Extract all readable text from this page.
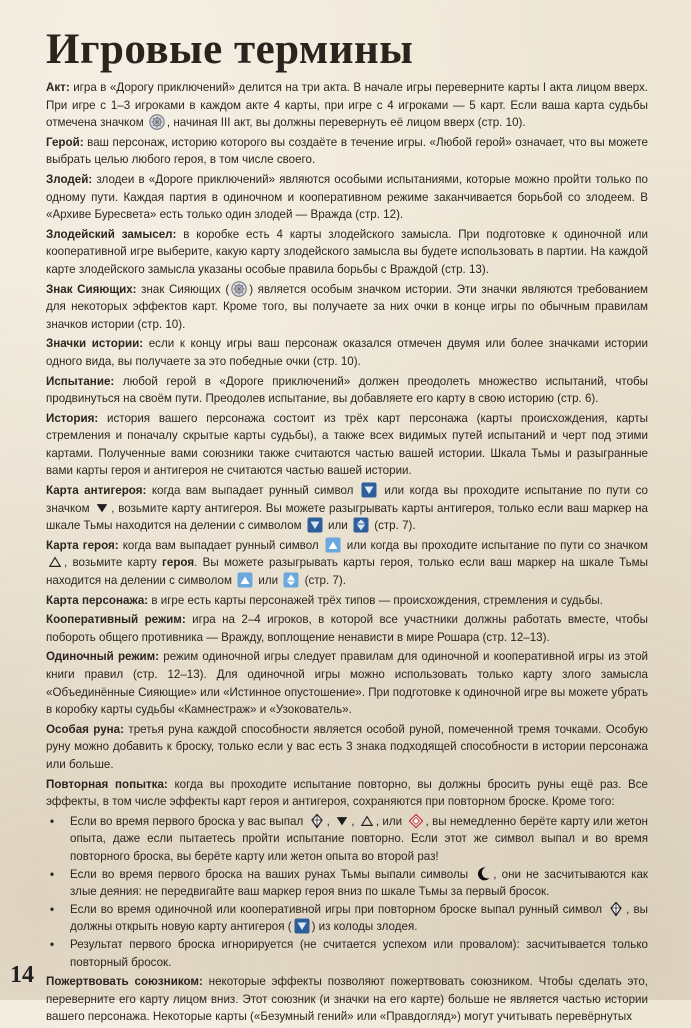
Игровые термины

Акт: игра в «Дорогу приключений» делится на три акта. В начале игры переверните карты I акта лицом вверх. При игре с 1–3 игроками в каждом акте 4 карты, при игре с 4 игроками — 5 карт. Если ваша карта судьбы отмечена значком , начиная III акт, вы должны перевернуть её лицом вверх (стр. 10).

Герой: ваш персонаж, историю которого вы создаёте в течение игры. «Любой герой» означает, что вы можете выбрать целью любого героя, в том числе своего.

Злодей: злодеи в «Дороге приключений» являются особыми испытаниями, которые можно пройти только по одному пути. Каждая партия в одиночном и кооперативном режиме заканчивается борьбой со злодеем. В «Архиве Буресвета» есть только один злодей — Вражда (стр. 12).

Злодейский замысел: в коробке есть 4 карты злодейского замысла. При подготовке к одиночной или кооперативной игре выберите, какую карту злодейского замысла вы будете использовать в партии. На каждой карте злодейского замысла указаны особые правила борьбы с Враждой (стр. 13).

Знак Сияющих: знак Сияющих ( ) является особым значком истории. Эти значки являются требованием для некоторых эффектов карт. Кроме того, вы получаете за них очки в конце игры по обычным правилам значков истории (стр. 10).

Значки истории: если к концу игры ваш персонаж оказался отмечен двумя или более значками истории одного вида, вы получаете за это победные очки (стр. 10).

Испытание: любой герой в «Дороге приключений» должен преодолеть множество испытаний, чтобы продвинуться на своём пути. Преодолев испытание, вы добавляете его карту в свою историю (стр. 6).

История: история вашего персонажа состоит из трёх карт персонажа (карты происхождения, карты стремления и поначалу скрытые карты судьбы), а также всех видимых путей испытаний и черт под этими картами. Полученные вами союзники также считаются частью вашей истории. Шкала Тьмы и разыгранные вами карты героя и антигероя не считаются частью вашей истории.

Карта антигероя: когда вам выпадает рунный символ	или когда вы проходите испытание по пути со значком , возьмите карту антигероя. Вы можете разыгрывать карты антигероя, только если ваш маркер на шкале Тьмы находится на делении с символом или (стр. 7).

Карта героя: когда вам выпадает рунный символ или когда вы проходите испытание по пути со значком
, возьмите карту героя. Вы можете разыгрывать карты героя, только если ваш маркер на шкале Тьмы находится на делении с символом или (стр. 7).

Карта персонажа: в игре есть карты персонажей трёх типов — происхождения, стремления и судьбы.

Кооперативный режим: игра на 2–4 игроков, в которой все участники должны работать вместе, чтобы побороть общего противника — Вражду, воплощение ненависти в мире Рошара (стр. 12–13).

Одиночный режим: режим одиночной игры следует правилам для одиночной и кооперативной игры из этой книги правил (стр. 12–13). Для одиночной игры можно использовать только карту злого замысла «Объединённые Сияющие» или «Истинное опустошение». При подготовке к одиночной игре вы можете убрать в коробку карты судьбы «Камнестраж» и «Узокователь».

Особая руна: третья руна каждой способности является особой руной, помеченной тремя точками. Особую руну можно добавить к броску, только если у вас есть 3 знака подходящей способности в истории персонажа или больше.

Повторная попытка: когда вы проходите испытание повторно, вы должны бросить руны ещё раз. Все эффекты, в том числе эффекты карт героя и антигероя, сохраняются при повторном броске. Кроме того:

• Если во время первого броска у вас выпал , , , или , вы немедленно берёте карту или жетон опыта, даже если пытаетесь пройти испытание повторно. Если этот же символ выпал и во время повторного броска, вы берёте карту или жетон опыта во второй раз!
• Если во время первого броска на ваших рунах Тьмы выпали символы , они не засчитываются как злые деяния: не передвигайте ваш маркер героя вниз по шкале Тьмы за первый бросок.
• Если во время одиночной или кооперативной игры при повторном броске выпал рунный символ , вы должны открыть новую карту антигероя ( ) из колоды злодея.
• Результат первого броска игнорируется (не считается успехом или провалом): засчитывается только повторный бросок.

Пожертвовать союзником: некоторые эффекты позволяют пожертвовать союзником. Чтобы сделать это, переверните его карту лицом вниз. Этот союзник (и значки на его карте) больше не является частью истории вашего персонажа. Некоторые карты («Безумный гений» или «Правдогляд») могут учитывать перевёрнутых

14
